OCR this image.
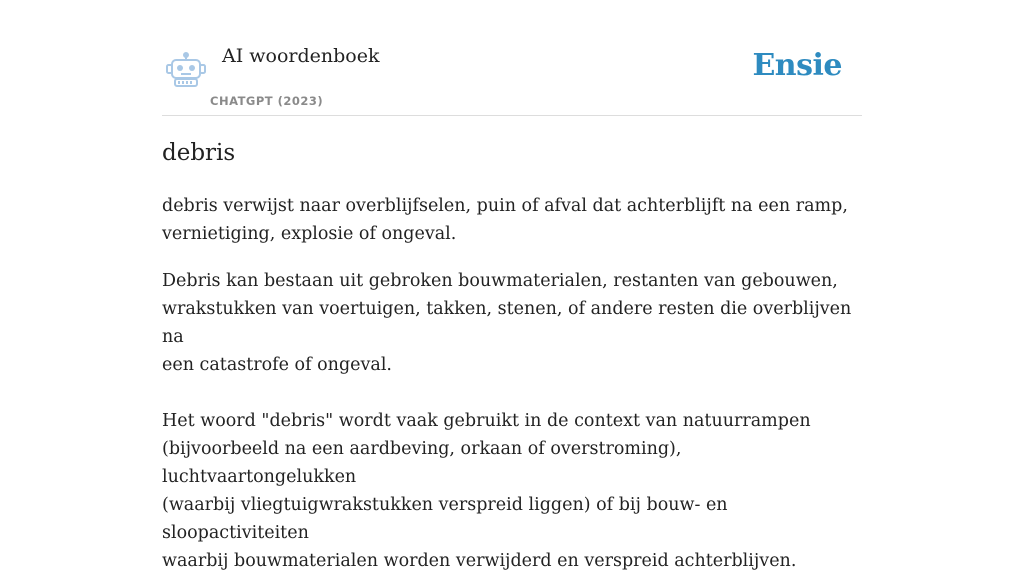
AI woordenboek
CHATGPT (2023)
Ensie
debris

debris verwijst naar overblijfselen, puin of afval dat achterblijft na een ramp,
vernietiging, explosie of ongeval.

Debris kan bestaan uit gebroken bouwmaterialen, restanten van gebouwen,
wrakstukken van voertuigen, takken, stenen, of andere resten die overblijven na
een catastrofe of ongeval.

Het woord "debris" wordt vaak gebruikt in de context van natuurrampen
(bijvoorbeeld na een aardbeving, orkaan of overstroming), luchtvaartongelukken
(waarbij vliegtuigwrakstukken verspreid liggen) of bij bouw- en sloopactiviteiten
waarbij bouwmaterialen worden verwijderd en verspreid achterblijven.
